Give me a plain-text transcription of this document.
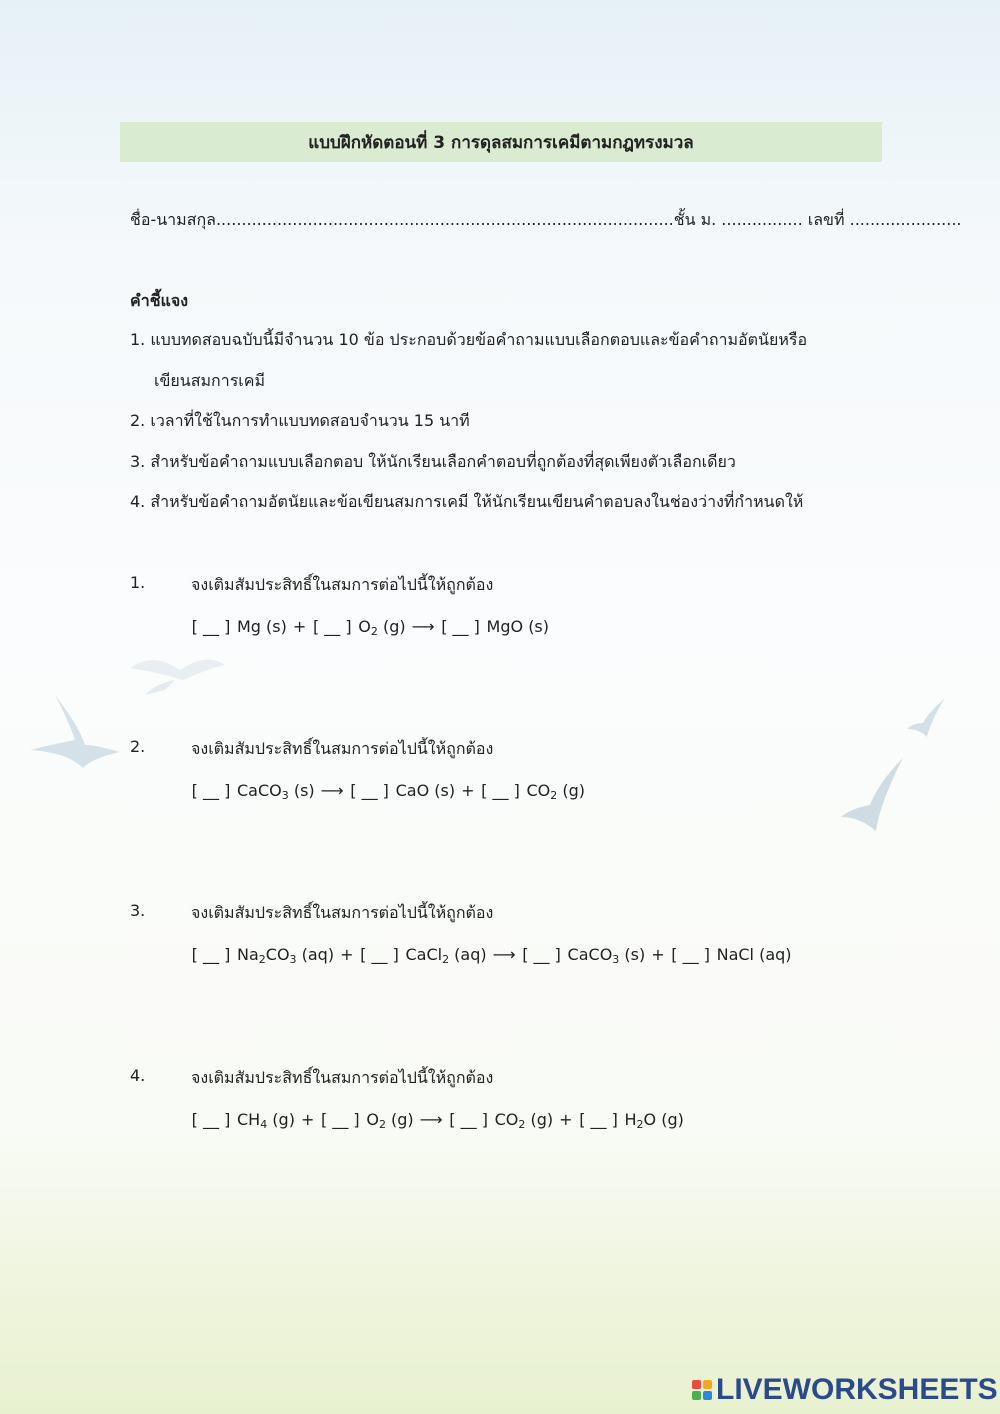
แบบฝึกหัดตอนที่ 3 การดุลสมการเคมีตามกฎทรงมวล
ชื่อ-นามสกุล..........................................................................................ชั้น ม. ................ เลขที่ ......................
คำชี้แจง
1. แบบทดสอบฉบับนี้มีจำนวน 10 ข้อ ประกอบด้วยข้อคำถามแบบเลือกตอบและข้อคำถามอัตนัยหรือ
เขียนสมการเคมี
2. เวลาที่ใช้ในการทำแบบทดสอบจำนวน 15 นาที
3. สำหรับข้อคำถามแบบเลือกตอบ ให้นักเรียนเลือกคำตอบที่ถูกต้องที่สุดเพียงตัวเลือกเดียว
4. สำหรับข้อคำถามอัตนัยและข้อเขียนสมการเคมี ให้นักเรียนเขียนคำตอบลงในช่องว่างที่กำหนดให้
1.	จงเติมสัมประสิทธิ์ในสมการต่อไปนี้ให้ถูกต้อง
[ __ ] Mg (s) + [ __ ] $O_2$ (g) ⟶ [ __ ] MgO (s)
2.	จงเติมสัมประสิทธิ์ในสมการต่อไปนี้ให้ถูกต้อง
[ __ ] CaCO$_3$ (s) ⟶ [ __ ] CaO (s) + [ __ ] $CO_2$ (g)
3.	จงเติมสัมประสิทธิ์ในสมการต่อไปนี้ให้ถูกต้อง
[ __ ] $Na_2CO_3$ (aq) + [ __ ] CaCl$_2$ (aq) ⟶ [ __ ] CaCO$_3$ (s) + [ __ ] NaCl (aq)
4.	จงเติมสัมประสิทธิ์ในสมการต่อไปนี้ให้ถูกต้อง
[ __ ] $CH_4$ (g) + [ __ ] $O_2$ (g) ⟶ [ __ ] $CO_2$ (g) + [ __ ] $H_2O$ (g)
LIVEWORKSHEETS
